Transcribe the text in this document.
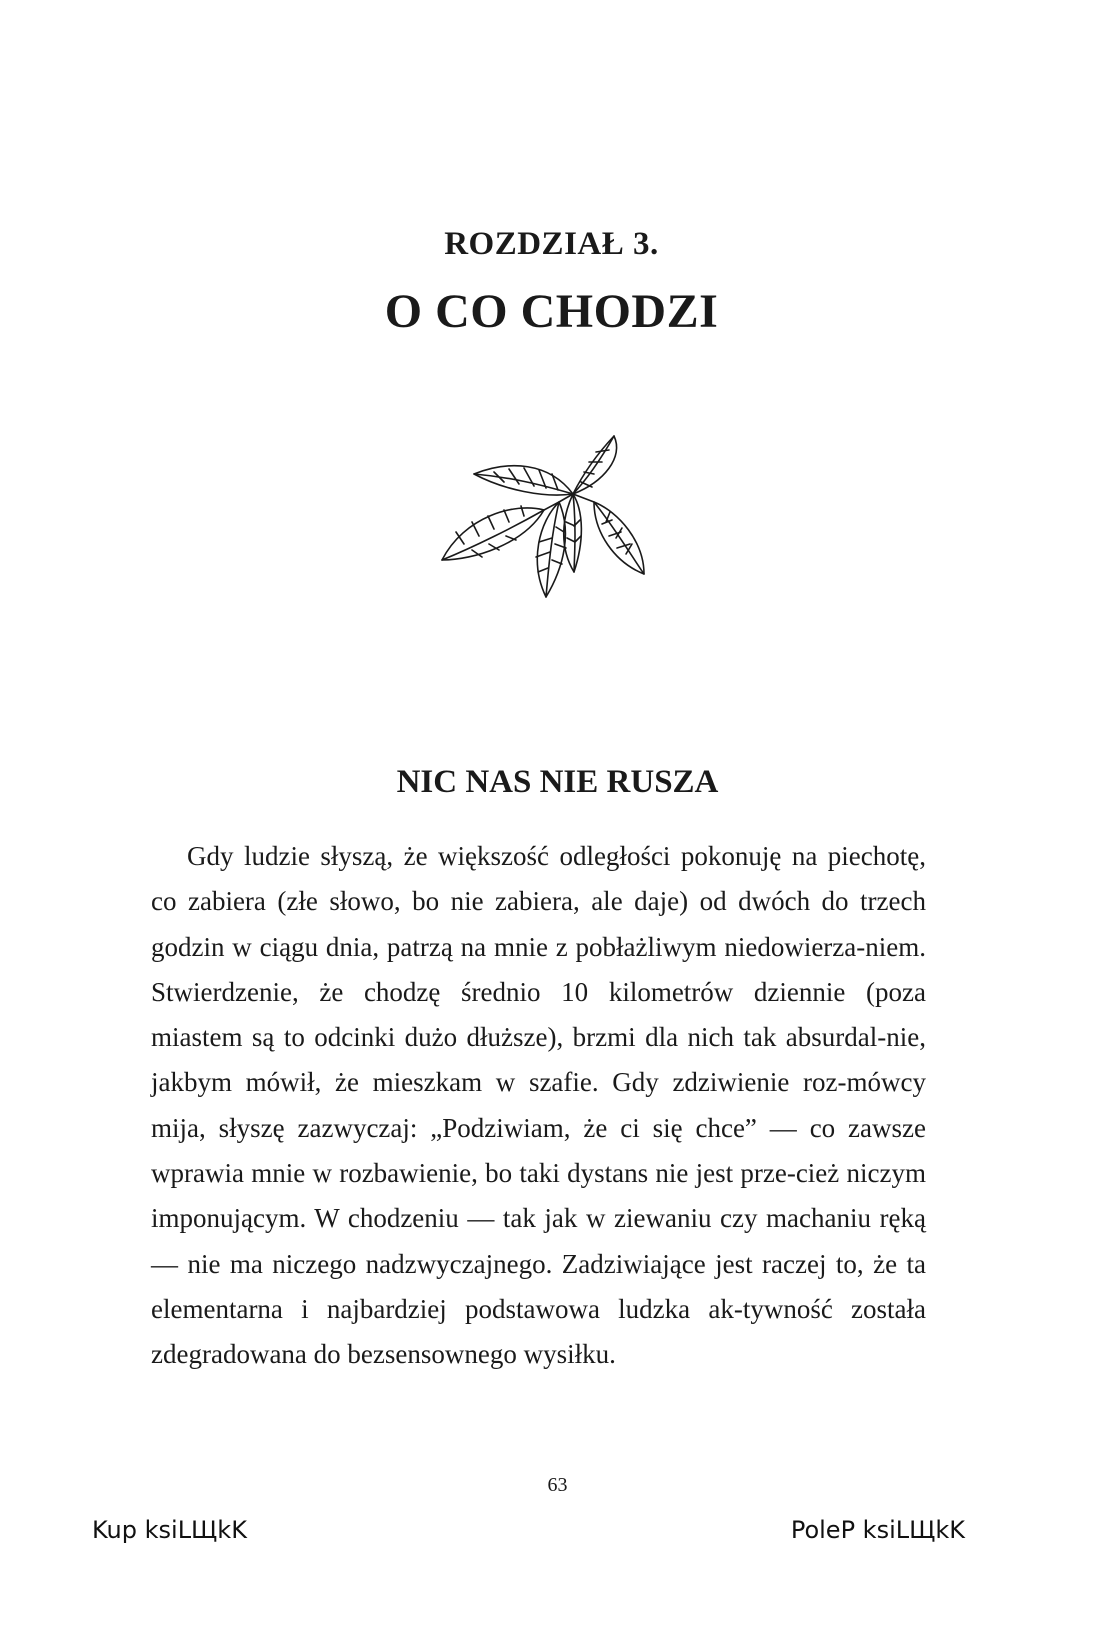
ROZDZIAŁ 3.
O CO CHODZI
NIC NAS NIE RUSZA
Gdy ludzie słyszą, że większość odległości pokonuję na piechotę, co zabiera (złe słowo, bo nie zabiera, ale daje) od dwóch do trzech godzin w ciągu dnia, patrzą na mnie z pobłażliwym niedowierza-niem. Stwierdzenie, że chodzę średnio 10 kilometrów dziennie (poza miastem są to odcinki dużo dłuższe), brzmi dla nich tak absurdal-nie, jakbym mówił, że mieszkam w szafie. Gdy zdziwienie roz-mówcy mija, słyszę zazwyczaj: „Podziwiam, że ci się chce” — co zawsze wprawia mnie w rozbawienie, bo taki dystans nie jest prze-cież niczym imponującym. W chodzeniu — tak jak w ziewaniu czy machaniu ręką — nie ma niczego nadzwyczajnego. Zadziwiające jest raczej to, że ta elementarna i najbardziej podstawowa ludzka ak-tywność została zdegradowana do bezsensownego wysiłku.
63
Kup ksiLЩkK	PoleP ksiLЩkK
